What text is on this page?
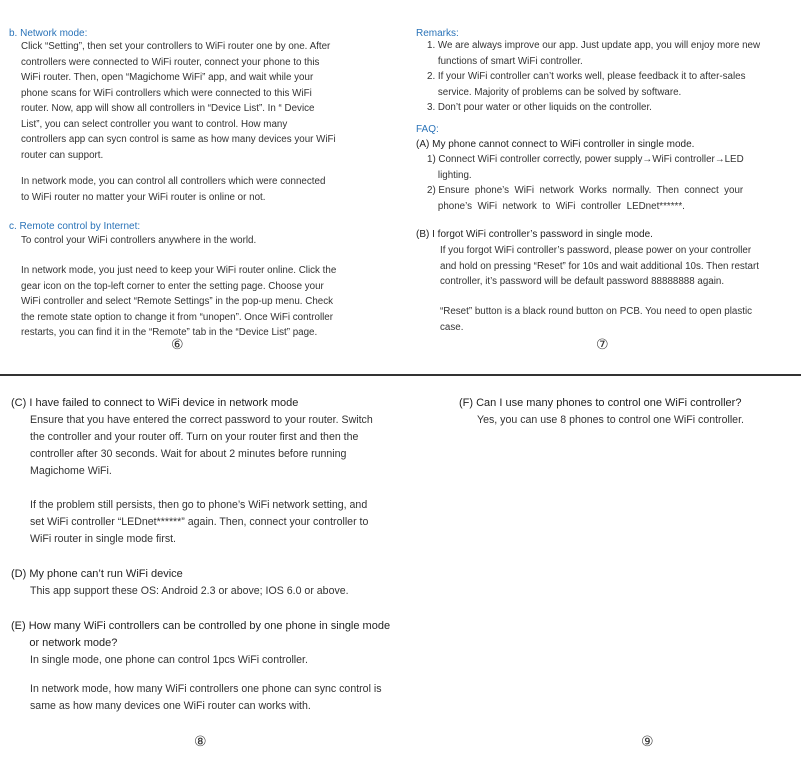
b. Network mode:
Click “Setting”, then set your controllers to WiFi router one by one. After
controllers were connected to WiFi router, connect your phone to this
WiFi router. Then, open “Magichome WiFi” app, and wait while your
phone scans for WiFi controllers which were connected to this WiFi
router. Now, app will show all controllers in “Device List”. In “ Device
List”, you can select controller you want to control. How many
controllers app can sycn control is same as how many devices your WiFi
router can support.
In network mode, you can control all controllers which were connected
to WiFi router no matter your WiFi router is online or not.
c. Remote control by Internet:
To control your WiFi controllers anywhere in the world.
In network mode, you just need to keep your WiFi router online. Click the
gear icon on the top-left corner to enter the setting page. Choose your
WiFi controller and select “Remote Settings” in the pop-up menu. Check
the remote state option to change it from “unopen”. Once WiFi controller
restarts, you can find it in the “Remote” tab in the “Device List” page.
⑥
Remarks:
1. We are always improve our app. Just update app, you will enjoy more new
functions of smart WiFi controller.
2. If your WiFi controller can’t works well, please feedback it to after-sales
service. Majority of problems can be solved by software.
3. Don’t pour water or other liquids on the controller.
FAQ:
(A) My phone cannot connect to WiFi controller in single mode.
1) Connect WiFi controller correctly, power supply→WiFi controller→LED
lighting.
2) Ensure  phone’s  WiFi  network  Works  normally.  Then  connect  your
phone’s  WiFi  network  to  WiFi  controller  LEDnet******.
(B) I forgot WiFi controller’s password in single mode.
If you forgot WiFi controller’s password, please power on your controller
and hold on pressing “Reset” for 10s and wait additional 10s. Then restart
controller, it’s password will be default password 88888888 again.
“Reset” button is a black round button on PCB. You need to open plastic
case.
⑦
(C) I have failed to connect to WiFi device in network mode
Ensure that you have entered the correct password to your router. Switch
the controller and your router off. Turn on your router first and then the
controller after 30 seconds. Wait for about 2 minutes before running
Magichome WiFi.
If the problem still persists, then go to phone’s WiFi network setting, and
set WiFi controller “LEDnet******” again. Then, connect your controller to
WiFi router in single mode first.
(D) My phone can’t run WiFi device
This app support these OS: Android 2.3 or above; IOS 6.0 or above.
(E) How many WiFi controllers can be controlled by one phone in single mode
or network mode?
In single mode, one phone can control 1pcs WiFi controller.
In network mode, how many WiFi controllers one phone can sync control is
same as how many devices one WiFi router can works with.
⑧
(F) Can I use many phones to control one WiFi controller?
Yes, you can use 8 phones to control one WiFi controller.
⑨
